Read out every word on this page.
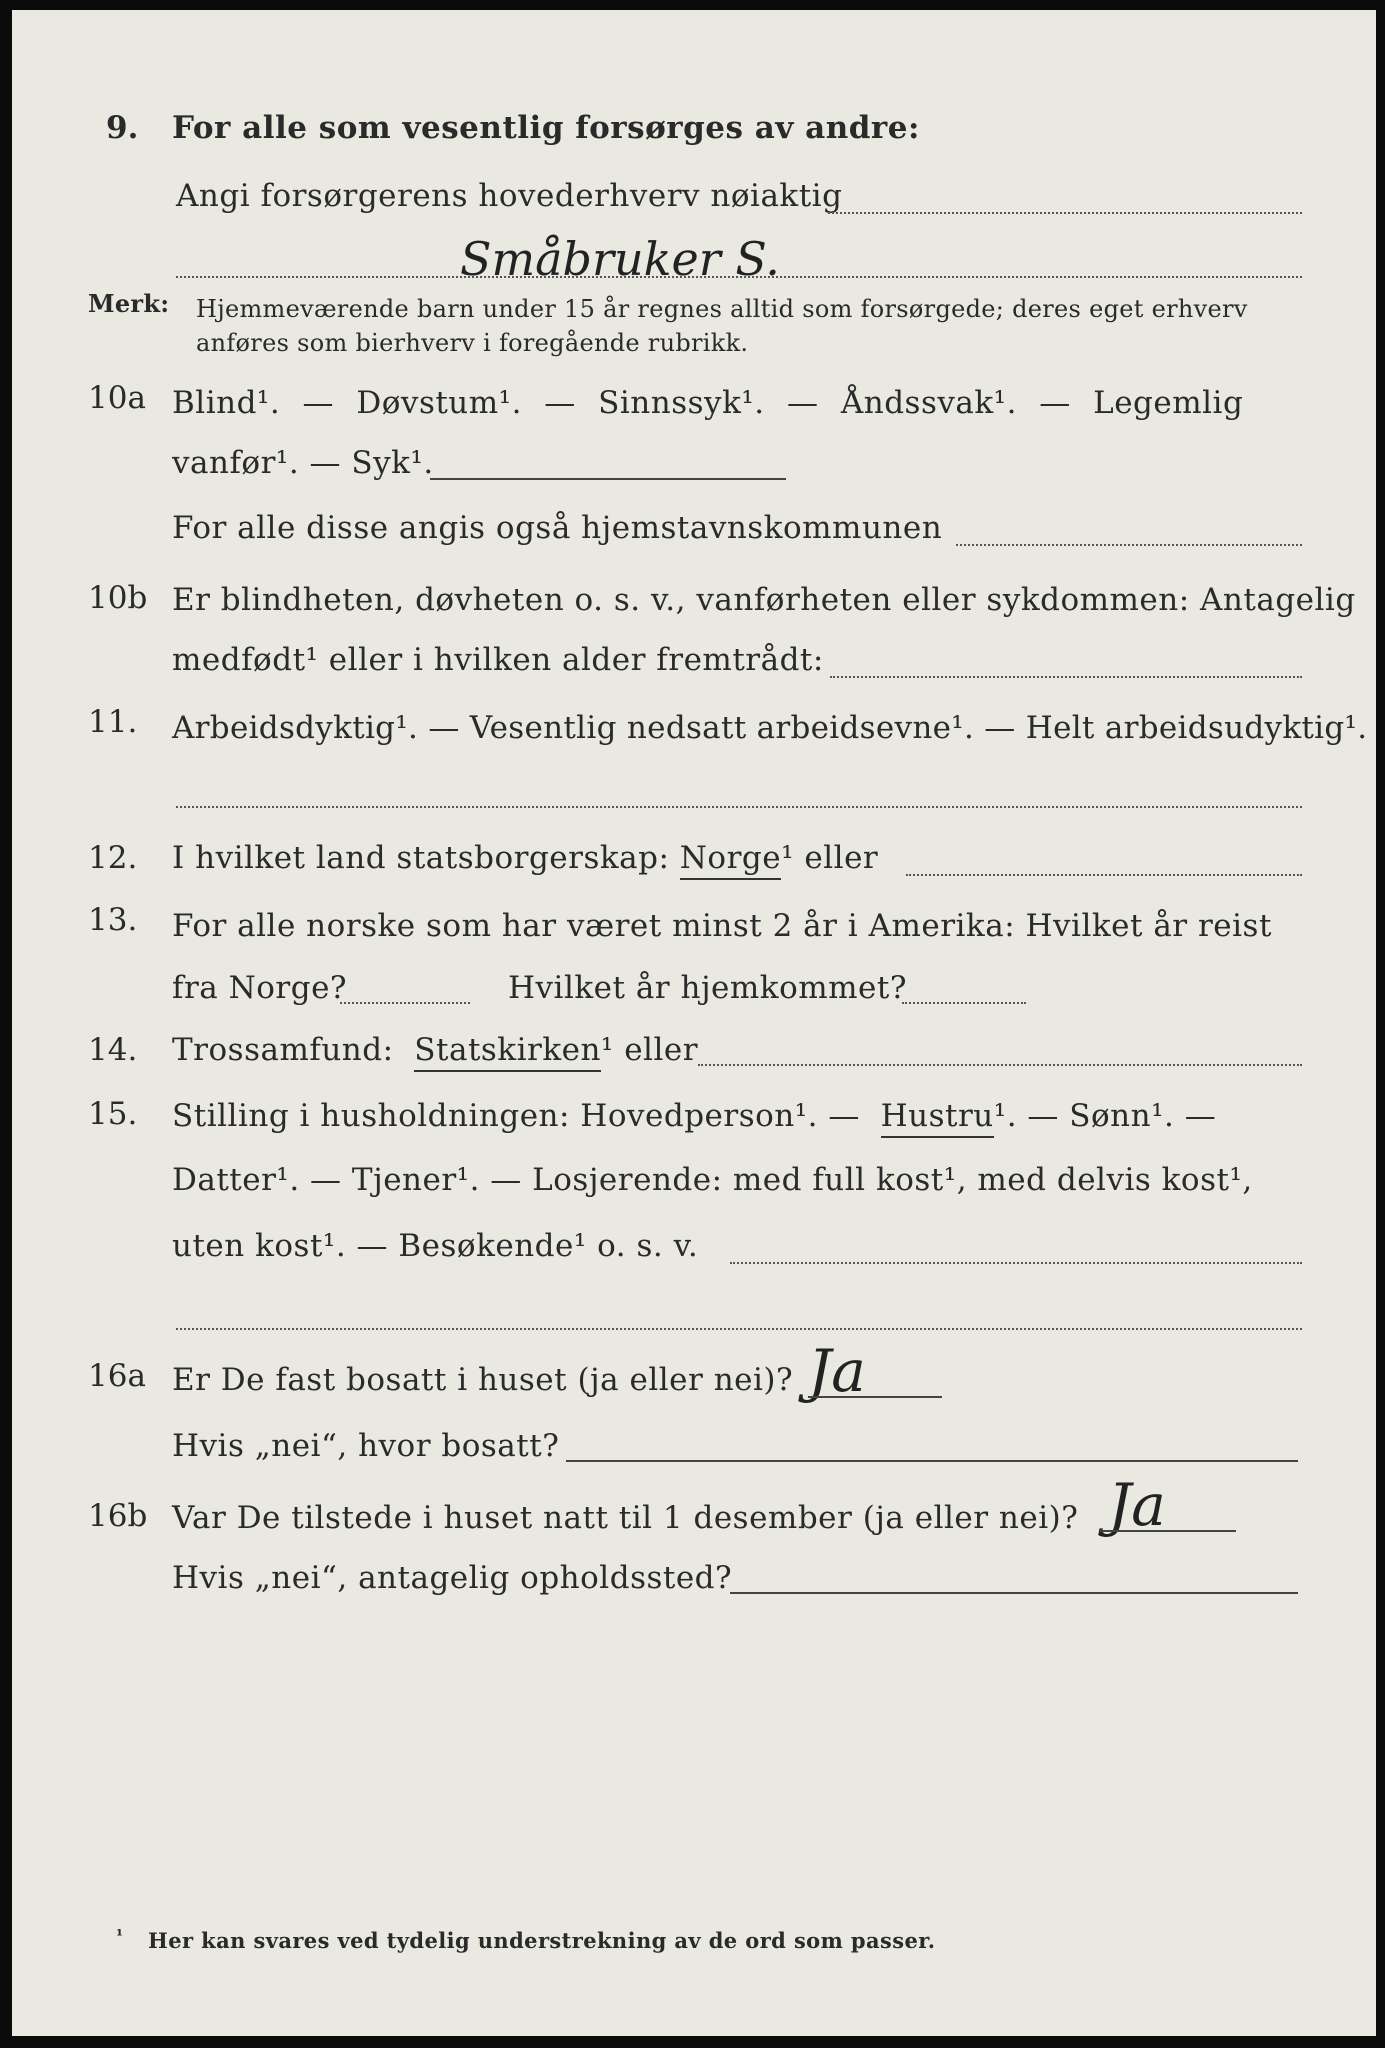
9. For alle som vesentlig forsørges av andre:
Angi forsørgerens hovederhverv nøiaktig
Småbruker S.
Merk: Hjemmeværende barn under 15 år regnes alltid som forsørgede; deres eget erhverv
anføres som bierhverv i foregående rubrikk.
10a Blind¹. — Døvstum¹. — Sinnssyk¹. — Åndssvak¹. — Legemlig
vanfør¹. — Syk¹.
For alle disse angis også hjemstavnskommunen
10b Er blindheten, døvheten o. s. v., vanførheten eller sykdommen: Antagelig
medfødt¹ eller i hvilken alder fremtrådt:
11. Arbeidsdyktig¹. — Vesentlig nedsatt arbeidsevne¹. — Helt arbeidsudyktig¹.
12. I hvilket land statsborgerskap: Norge¹ eller
13. For alle norske som har været minst 2 år i Amerika: Hvilket år reist
fra Norge?	Hvilket år hjemkommet?
14. Trossamfund: Statskirken¹ eller
15. Stilling i husholdningen: Hovedperson¹. — Hustru¹. — Sønn¹. —
Datter¹. — Tjener¹. — Losjerende: med full kost¹, med delvis kost¹,
uten kost¹. — Besøkende¹ o. s. v.
16a Er De fast bosatt i huset (ja eller nei)? Ja
Hvis „nei“, hvor bosatt?
16b Var De tilstede i huset natt til 1 desember (ja eller nei)? Ja
Hvis „nei“, antagelig opholdssted?
¹ Her kan svares ved tydelig understrekning av de ord som passer.
